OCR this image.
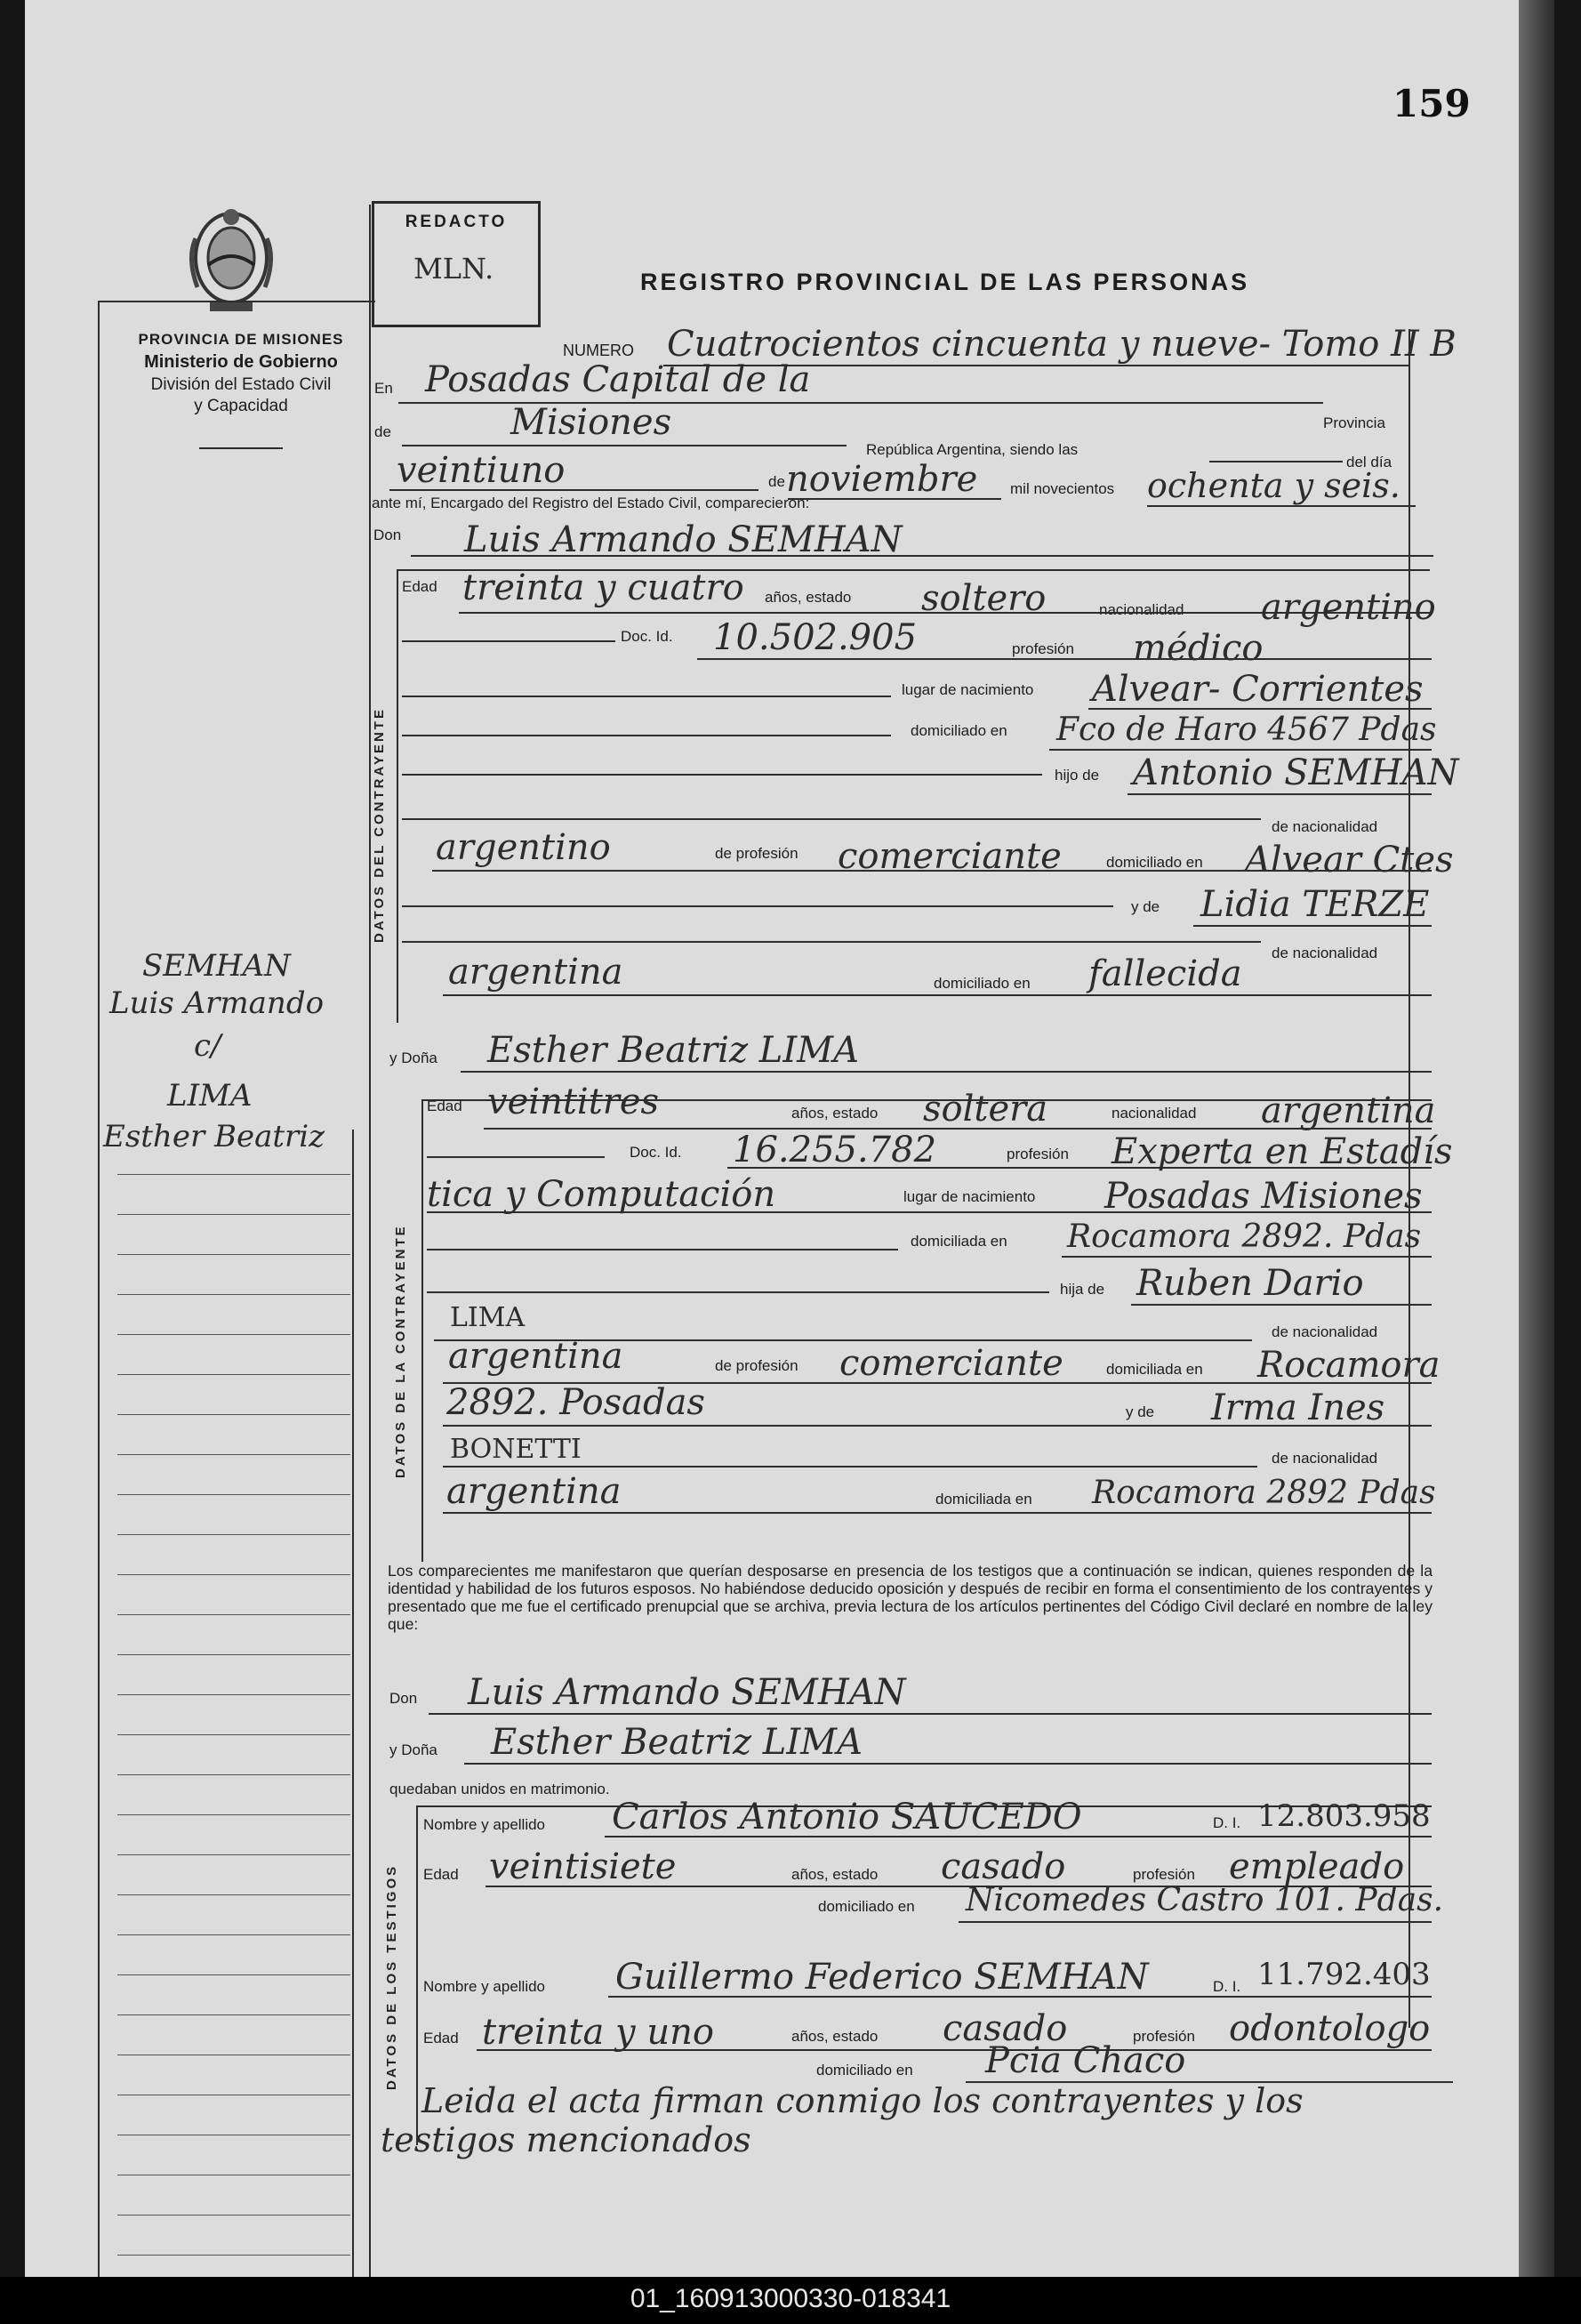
159
PROVINCIA DE MISIONES
Ministerio de Gobierno
División del Estado Civil
y Capacidad
SEMHAN
Luis Armando
c/
LIMA
Esther Beatriz
REDACTO
MLN.	REGISTRO PROVINCIAL DE LAS PERSONAS
NUMERO Cuatrocientos cincuenta y nueve- Tomo II B
En Posadas Capital de la
Provincia
de	Misiones
República Argentina, siendo las
del día
veintiuno	de noviembre mil novecientos ochenta y seis.
ante mí, Encargado del Registro del Estado Civil, comparecieron:
Don Luis Armando SEMHAN
DATOS DEL CONTRAYENTE
Edad treinta y cuatro años, estado soltero	nacionalidad argentino
Doc. Id. 10.502.905	profesión médico
lugar de nacimiento Alvear- Corrientes
domiciliado en Fco de Haro 4567 Pdas
hijo de Antonio SEMHAN
de nacionalidad
argentino	de profesión comerciante	domiciliado en Alvear Ctes
y de Lidia TERZE
de nacionalidad
argentina	domiciliado en fallecida
y Doña Esther Beatriz LIMA
DATOS DE LA CONTRAYENTE
Edad veintitres	años, estado soltera	nacionalidad argentina
Doc. Id. 16.255.782	profesión Experta en Estadís
tica y Computación	lugar de nacimiento Posadas Misiones
domiciliada en Rocamora 2892. Pdas
hija de Ruben Dario
LIMA	de nacionalidad
argentina	de profesión comerciante	domiciliada en Rocamora
2892. Posadas	y de Irma Ines
BONETTI	de nacionalidad
argentina	domiciliada en Rocamora 2892 Pdas
Los comparecientes me manifestaron que querían desposarse en presencia de los testigos que a continuación se indican, quienes responden de la identidad y habilidad de los futuros esposos. No habiéndose deducido oposición y después de recibir en forma el consentimiento de los contrayentes y presentado que me fue el certificado prenupcial que se archiva, previa lectura de los artículos pertinentes del Código Civil declaré en nombre de la ley que:
Don Luis Armando SEMHAN
y Doña Esther Beatriz LIMA
quedaban unidos en matrimonio.
DATOS DE LOS TESTIGOS
Nombre y apellido Carlos Antonio SAUCEDO	D. I. 12.803.958
Edad veintisiete	años, estado casado	profesión empleado
domiciliado en Nicomedes Castro 101. Pdas.
Nombre y apellido Guillermo Federico SEMHAN	D. I. 11.792.403
Edad treinta y uno	años, estado casado	profesión odontologo
domiciliado en Pcia Chaco
Leida el acta firman conmigo los contrayentes y los
testigos mencionados
01_160913000330-018341
